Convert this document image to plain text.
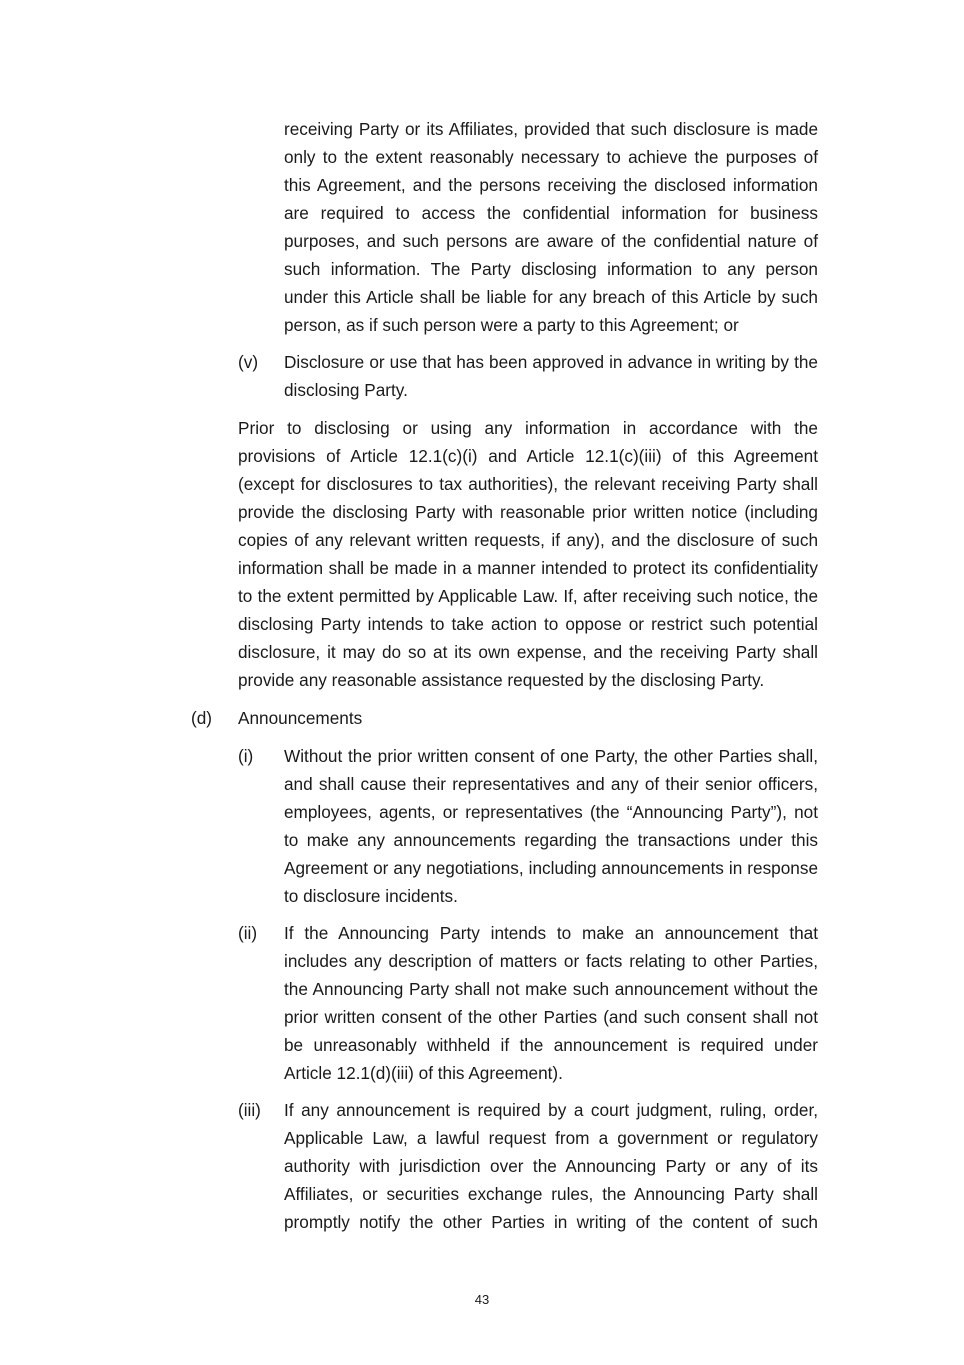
receiving Party or its Affiliates, provided that such disclosure is made only to the extent reasonably necessary to achieve the purposes of this Agreement, and the persons receiving the disclosed information are required to access the confidential information for business purposes, and such persons are aware of the confidential nature of such information. The Party disclosing information to any person under this Article shall be liable for any breach of this Article by such person, as if such person were a party to this Agreement; or

(v) Disclosure or use that has been approved in advance in writing by the disclosing Party.

Prior to disclosing or using any information in accordance with the provisions of Article 12.1(c)(i) and Article 12.1(c)(iii) of this Agreement (except for disclosures to tax authorities), the relevant receiving Party shall provide the disclosing Party with reasonable prior written notice (including copies of any relevant written requests, if any), and the disclosure of such information shall be made in a manner intended to protect its confidentiality to the extent permitted by Applicable Law. If, after receiving such notice, the disclosing Party intends to take action to oppose or restrict such potential disclosure, it may do so at its own expense, and the receiving Party shall provide any reasonable assistance requested by the disclosing Party.

(d) Announcements

(i) Without the prior written consent of one Party, the other Parties shall, and shall cause their representatives and any of their senior officers, employees, agents, or representatives (the “Announcing Party”), not to make any announcements regarding the transactions under this Agreement or any negotiations, including announcements in response to disclosure incidents.

(ii) If the Announcing Party intends to make an announcement that includes any description of matters or facts relating to other Parties, the Announcing Party shall not make such announcement without the prior written consent of the other Parties (and such consent shall not be unreasonably withheld if the announcement is required under Article 12.1(d)(iii) of this Agreement).

(iii) If any announcement is required by a court judgment, ruling, order, Applicable Law, a lawful request from a government or regulatory authority with jurisdiction over the Announcing Party or any of its Affiliates, or securities exchange rules, the Announcing Party shall promptly notify the other Parties in writing of the content of such

43
